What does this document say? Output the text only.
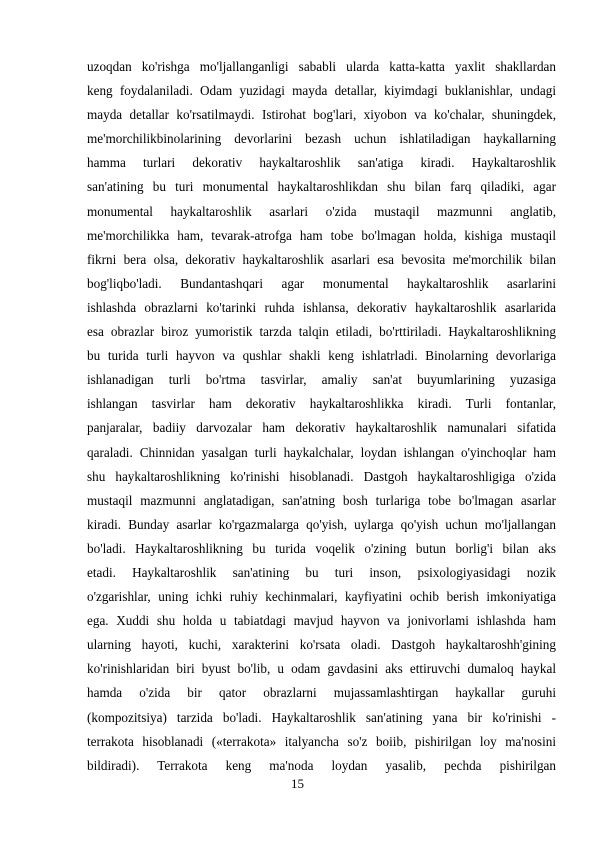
uzoqdan ko'rishga mo'ljallanganligi sababli ularda katta-katta yaxlit shakllardan
keng foydalaniladi. Odam yuzidagi mayda detallar, kiyimdagi buklanishlar, undagi
mayda detallar ko'rsatilmaydi. Istirohat bog'lari, xiyobon va ko'chalar, shuningdek,
me'morchilikbinolarining devorlarini bezash uchun ishlatiladigan haykallarning
hamma turlari dekorativ haykaltaroshlik san'atiga kiradi. Haykaltaroshlik
san'atining bu turi monumental haykaltaroshlikdan shu bilan farq qiladiki, agar
monumental haykaltaroshlik asarlari o'zida mustaqil mazmunni anglatib,
me'morchilikka ham, tevarak-atrofga ham tobe bo'lmagan holda, kishiga mustaqil
fikrni bera olsa, dekorativ haykaltaroshlik asarlari esa bevosita me'morchilik bilan
bog'liqbo'ladi. Bundantashqari agar monumental haykaltaroshlik asarlarini
ishlashda obrazlarni ko'tarinki ruhda ishlansa, dekorativ haykaltaroshlik asarlarida
esa obrazlar biroz yumoristik tarzda talqin etiladi, bo'rttiriladi. Haykaltaroshlikning
bu turida turli hayvon va qushlar shakli keng ishlatrladi. Binolarning devorlariga
ishlanadigan turli bo'rtma tasvirlar, amaliy san'at buyumlarining yuzasiga
ishlangan tasvirlar ham dekorativ haykaltaroshlikka kiradi. Turli fontanlar,
panjaralar, badiiy darvozalar ham dekorativ haykaltaroshlik namunalari sifatida
qaraladi. Chinnidan yasalgan turli haykalchalar, loydan ishlangan o'yinchoqlar ham
shu haykaltaroshlikning ko'rinishi hisoblanadi. Dastgoh haykaltaroshligiga o'zida
mustaqil mazmunni anglatadigan, san'atning bosh turlariga tobe bo'lmagan asarlar
kiradi. Bunday asarlar ko'rgazmalarga qo'yish, uylarga qo'yish uchun mo'ljallangan
bo'ladi. Haykaltaroshlikning bu turida voqelik o'zining butun borlig'i bilan aks
etadi. Haykaltaroshlik san'atining bu turi inson, psixologiyasidagi nozik
o'zgarishlar, uning ichki ruhiy kechinmalari, kayfiyatini ochib berish imkoniyatiga
ega. Xuddi shu holda u tabiatdagi mavjud hayvon va jonivorlami ishlashda ham
ularning hayoti, kuchi, xarakterini ko'rsata oladi. Dastgoh haykaltaroshh'gining
ko'rinishlaridan biri byust bo'lib, u odam gavdasini aks ettiruvchi dumaloq haykal
hamda o'zida bir qator obrazlarni mujassamlashtirgan haykallar guruhi
(kompozitsiya) tarzida bo'ladi. Haykaltaroshlik san'atining yana bir ko'rinishi -
terrakota hisoblanadi («terrakota» italyancha so'z boiib, pishirilgan loy ma'nosini
bildiradi). Terrakota keng ma'noda loydan yasalib, pechda pishirilgan
15
